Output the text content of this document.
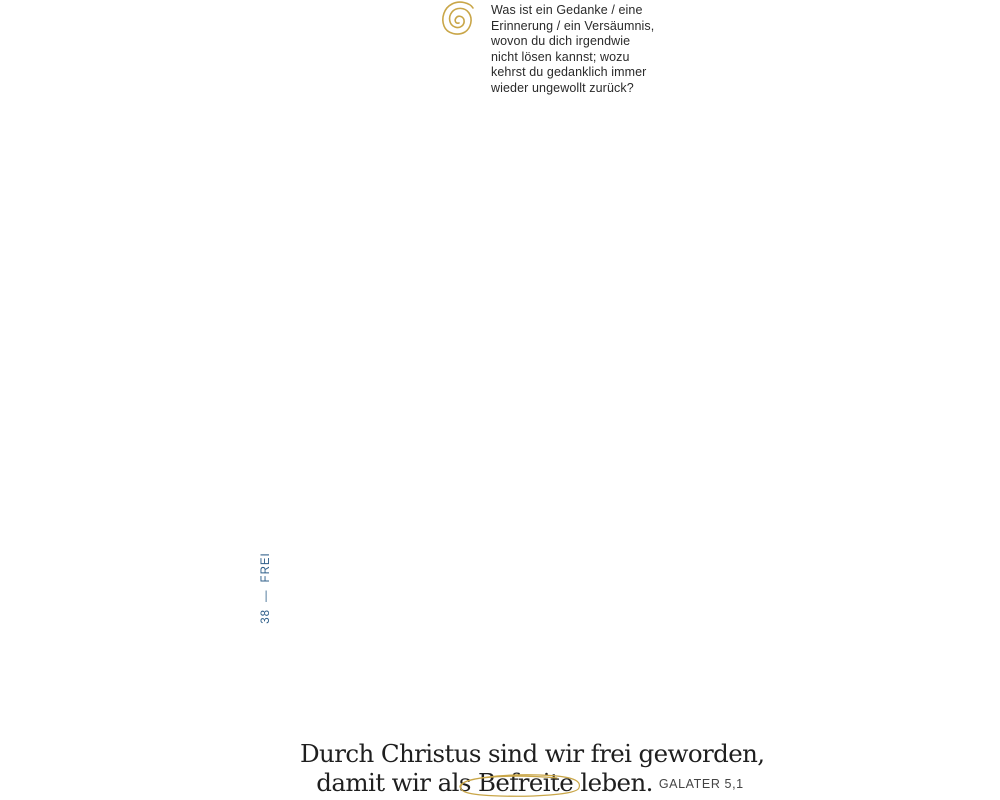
Was ist ein Gedanke / eine
Erinnerung / ein Versäumnis,
wovon du dich irgendwie
nicht lösen kannst; wozu
kehrst du gedanklich immer
wieder ungewollt zurück?
38
—
FREI
Durch Christus sind wir frei geworden,
damit wir als Befreite
leben. GALATER 5,1
